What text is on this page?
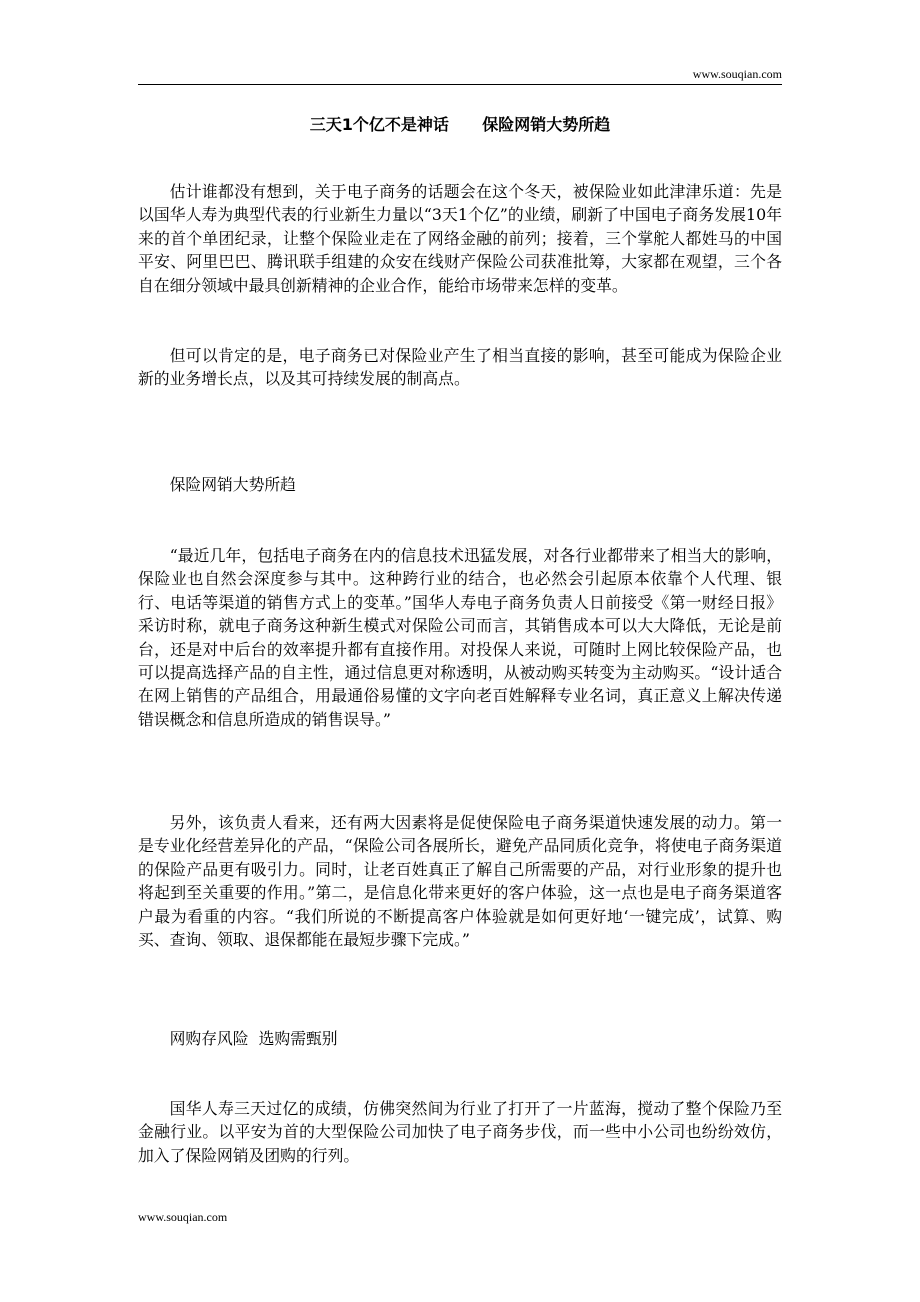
www.souqian.com
三天1个亿不是神话      保险网销大势所趋

估计谁都没有想到，关于电子商务的话题会在这个冬天，被保险业如此津津乐道：先是以国华人寿为典型代表的行业新生力量以“3天1个亿”的业绩，刷新了中国电子商务发展10年来的首个单团纪录，让整个保险业走在了网络金融的前列；接着，三个掌舵人都姓马的中国平安、阿里巴巴、腾讯联手组建的众安在线财产保险公司获准批筹，大家都在观望，三个各自在细分领域中最具创新精神的企业合作，能给市场带来怎样的变革。

但可以肯定的是，电子商务已对保险业产生了相当直接的影响，甚至可能成为保险企业新的业务增长点，以及其可持续发展的制高点。

保险网销大势所趋

“最近几年，包括电子商务在内的信息技术迅猛发展，对各行业都带来了相当大的影响，保险业也自然会深度参与其中。这种跨行业的结合，也必然会引起原本依靠个人代理、银行、电话等渠道的销售方式上的变革。”国华人寿电子商务负责人日前接受《第一财经日报》采访时称，就电子商务这种新生模式对保险公司而言，其销售成本可以大大降低，无论是前台，还是对中后台的效率提升都有直接作用。对投保人来说，可随时上网比较保险产品，也可以提高选择产品的自主性，通过信息更对称透明，从被动购买转变为主动购买。“设计适合在网上销售的产品组合，用最通俗易懂的文字向老百姓解释专业名词，真正意义上解决传递错误概念和信息所造成的销售误导。”

另外，该负责人看来，还有两大因素将是促使保险电子商务渠道快速发展的动力。第一是专业化经营差异化的产品，“保险公司各展所长，避免产品同质化竞争，将使电子商务渠道的保险产品更有吸引力。同时，让老百姓真正了解自己所需要的产品，对行业形象的提升也将起到至关重要的作用。”第二，是信息化带来更好的客户体验，这一点也是电子商务渠道客户最为看重的内容。“我们所说的不断提高客户体验就是如何更好地‘一键完成’，试算、购买、查询、领取、退保都能在最短步骤下完成。”

网购存风险  选购需甄别

国华人寿三天过亿的成绩，仿佛突然间为行业了打开了一片蓝海，搅动了整个保险乃至金融行业。以平安为首的大型保险公司加快了电子商务步伐，而一些中小公司也纷纷效仿，加入了保险网销及团购的行列。

www.souqian.com
